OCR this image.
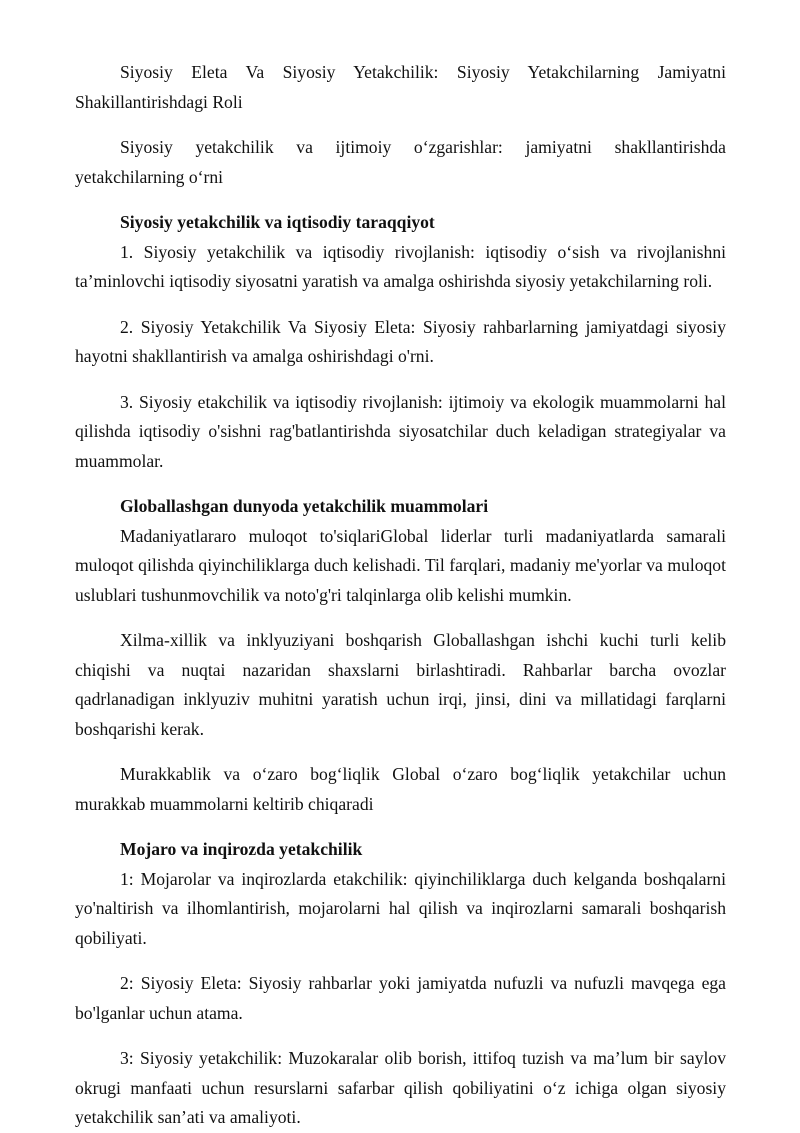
Siyosiy Eleta Va Siyosiy Yetakchilik: Siyosiy Yetakchilarning Jamiyatni Shakillantirishdagi Roli

Siyosiy yetakchilik va ijtimoiy o‘zgarishlar: jamiyatni shakllantirishda yetakchilarning o‘rni

Siyosiy yetakchilik va iqtisodiy taraqqiyot

1. Siyosiy yetakchilik va iqtisodiy rivojlanish: iqtisodiy o‘sish va rivojlanishni ta’minlovchi iqtisodiy siyosatni yaratish va amalga oshirishda siyosiy yetakchilarning roli.

2. Siyosiy Yetakchilik Va Siyosiy Eleta: Siyosiy rahbarlarning jamiyatdagi siyosiy hayotni shakllantirish va amalga oshirishdagi o'rni.

3. Siyosiy etakchilik va iqtisodiy rivojlanish: ijtimoiy va ekologik muammolarni hal qilishda iqtisodiy o'sishni rag'batlantirishda siyosatchilar duch keladigan strategiyalar va muammolar.

Globallashgan dunyoda yetakchilik muammolari

Madaniyatlararo muloqot to'siqlariGlobal liderlar turli madaniyatlarda samarali muloqot qilishda qiyinchiliklarga duch kelishadi. Til farqlari, madaniy me'yorlar va muloqot uslublari tushunmovchilik va noto'g'ri talqinlarga olib kelishi mumkin.

Xilma-xillik va inklyuziyani boshqarish Globallashgan ishchi kuchi turli kelib chiqishi va nuqtai nazaridan shaxslarni birlashtiradi. Rahbarlar barcha ovozlar qadrlanadigan inklyuziv muhitni yaratish uchun irqi, jinsi, dini va millatidagi farqlarni boshqarishi kerak.

Murakkablik va o‘zaro bog‘liqlik Global o‘zaro bog‘liqlik yetakchilar uchun murakkab muammolarni keltirib chiqaradi

Mojaro va inqirozda yetakchilik

1: Mojarolar va inqirozlarda etakchilik: qiyinchiliklarga duch kelganda boshqalarni yo'naltirish va ilhomlantirish, mojarolarni hal qilish va inqirozlarni samarali boshqarish qobiliyati.

2: Siyosiy Eleta: Siyosiy rahbarlar yoki jamiyatda nufuzli va nufuzli mavqega ega bo'lganlar uchun atama.

3: Siyosiy yetakchilik: Muzokaralar olib borish, ittifoq tuzish va ma’lum bir saylov okrugi manfaati uchun resurslarni safarbar qilish qobiliyatini o‘z ichiga olgan siyosiy yetakchilik san’ati va amaliyoti.
